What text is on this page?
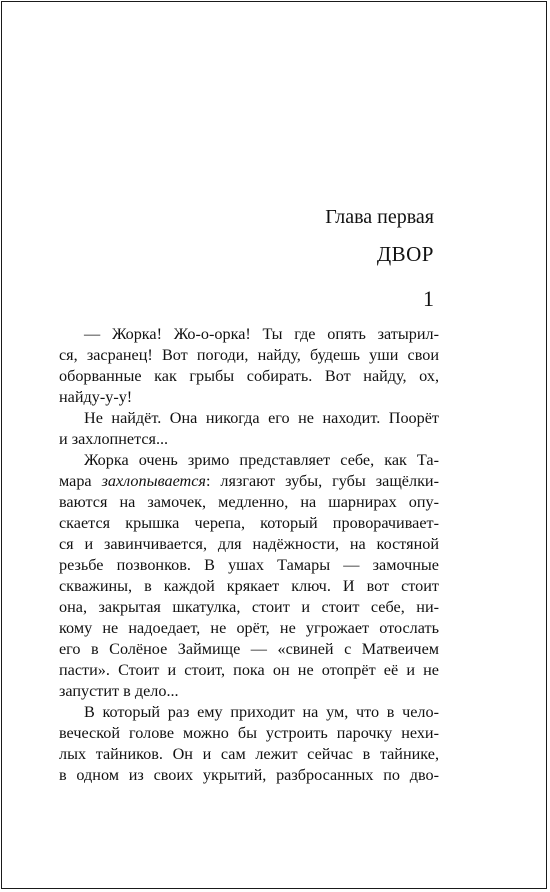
Глава первая
ДВОР
1
— Жорка! Жо-о-орка! Ты где опять затырил-
ся, засранец! Вот погоди, найду, будешь уши свои
оборванные как грыбы собирать. Вот найду, ох,
найду-у-у!
Не найдёт. Она никогда его не находит. Поорёт
и захлопнется...
Жорка очень зримо представляет себе, как Та-
мара захлопывается: лязгают зубы, губы защёлки-
ваются на замочек, медленно, на шарнирах опу-
скается крышка черепа, который проворачивает-
ся и завинчивается, для надёжности, на костяной
резьбе позвонков. В ушах Тамары — замочные
скважины, в каждой крякает ключ. И вот стоит
она, закрытая шкатулка, стоит и стоит себе, ни-
кому не надоедает, не орёт, не угрожает отослать
его в Солёное Займище — «свиней с Матвеичем
пасти». Стоит и стоит, пока он не отопрёт её и не
запустит в дело...
В который раз ему приходит на ум, что в чело-
веческой голове можно бы устроить парочку нехи-
лых тайников. Он и сам лежит сейчас в тайнике,
в одном из своих укрытий, разбросанных по дво-
